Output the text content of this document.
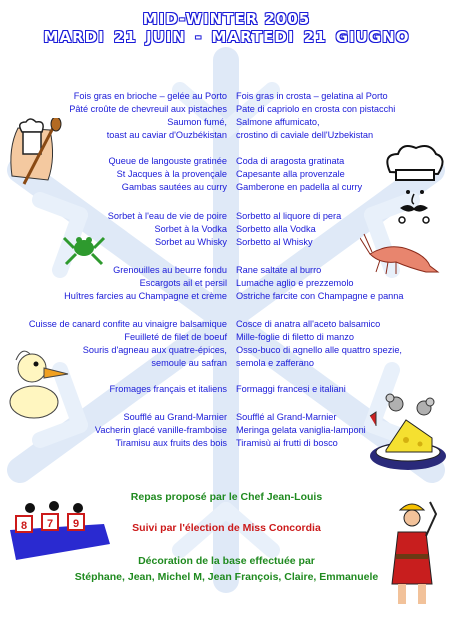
MID-WINTER 2005
MARDI 21 JUIN - MARTEDI 21 GIUGNO
Fois gras en brioche – gelée au Porto
Pâté croûte de chevreuil aux pistaches
Saumon fumé,
toast au caviar d'Ouzbékistan
Fois gras in crosta – gelatina al Porto
Pate di capriolo en crosta con pistacchi
Salmone affumicato,
crostino di caviale dell'Uzbekistan
Queue de langouste gratinée
St Jacques à la provençale
Gambas sautées au curry
Coda di aragosta gratinata
Capesante alla provenzale
Gamberone en padella al curry
Sorbet à l'eau de vie de poire
Sorbet à la Vodka
Sorbet au Whisky
Sorbetto al liquore di pera
Sorbetto alla Vodka
Sorbetto al Whisky
Grenouilles au beurre fondu
Escargots ail et persil
Huîtres farcies au Champagne et crème
Rane saltate al burro
Lumache aglio e prezzemolo
Ostriche farcite con Champagne e panna
Cuisse de canard confite au vinaigre balsamique
Feuilleté de filet de boeuf
Souris d'agneau aux quatre-épices,
semoule au safran
Cosce di anatra all'aceto balsamico
Mille-foglie di filetto di manzo
Osso-buco di agnello alle quattro spezie,
semola e zafferano
Fromages français et italiens Formaggi francesi e italiani
Soufflé au Grand-Marnier
Vacherin glacé vanille-framboise
Tiramisu aux fruits des bois
Soufflé al Grand-Marnier
Meringa gelata vaniglia-lamponi
Tiramisù ai frutti di bosco
Repas proposé par le Chef Jean-Louis
Suivi par l'élection de Miss Concordia
Décoration de la base effectuée par
Stéphane, Jean, Michel M, Jean François, Claire, Emmanuele
8 7 9
